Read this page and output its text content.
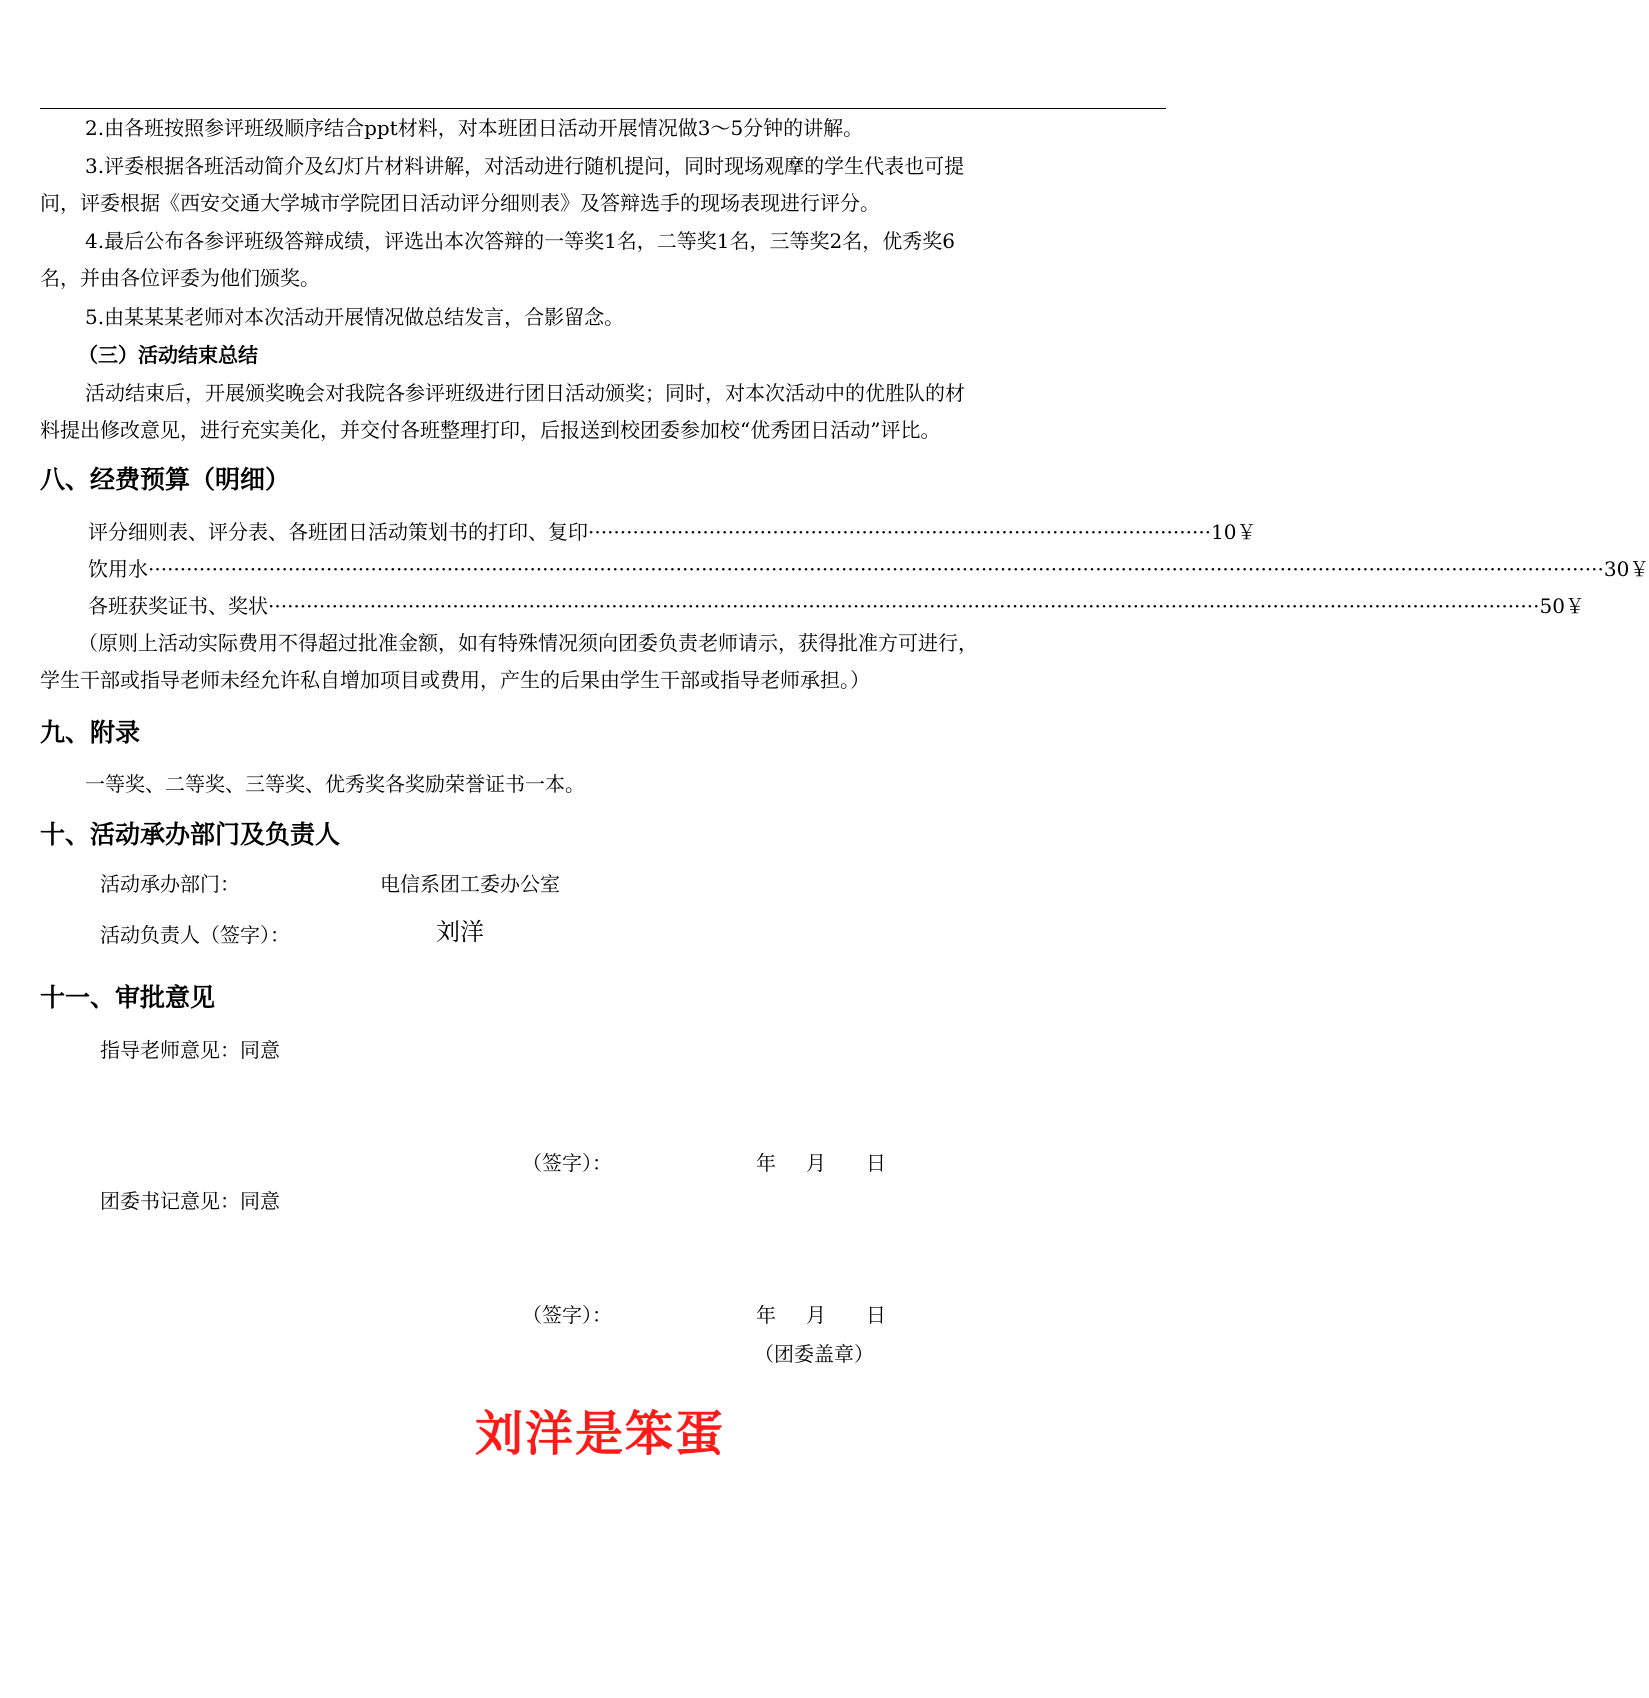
2.由各班按照参评班级顺序结合ppt材料，对本班团日活动开展情况做3～5分钟的讲解。
3.评委根据各班活动简介及幻灯片材料讲解，对活动进行随机提问，同时现场观摩的学生代表也可提
问，评委根据《西安交通大学城市学院团日活动评分细则表》及答辩选手的现场表现进行评分。
4.最后公布各参评班级答辩成绩，评选出本次答辩的一等奖1名，二等奖1名，三等奖2名，优秀奖6
名，并由各位评委为他们颁奖。
5.由某某某老师对本次活动开展情况做总结发言，合影留念。
（三）活动结束总结
活动结束后，开展颁奖晚会对我院各参评班级进行团日活动颁奖；同时，对本次活动中的优胜队的材
料提出修改意见，进行充实美化，并交付各班整理打印，后报送到校团委参加校“优秀团日活动”评比。
八、经费预算（明细）
评分细则表、评分表、各班团日活动策划书的打印、复印 ·································································································· 10￥
饮用水 ····································································································································································································································· 30￥
各班获奖证书、奖状 ········································································································································································································ 50￥
（原则上活动实际费用不得超过批准金额，如有特殊情况须向团委负责老师请示，获得批准方可进行，
学生干部或指导老师未经允许私自增加项目或费用，产生的后果由学生干部或指导老师承担。）
九、附录
一等奖、二等奖、三等奖、优秀奖各奖励荣誉证书一本。
十、活动承办部门及负责人
活动承办部门：	电信系团工委办公室
活动负责人（签字）：	刘洋
十一、审批意见
指导老师意见：同意
（签字）：	年 月 日
团委书记意见：同意
（签字）：	年 月 日
（团委盖章）
刘洋是笨蛋
